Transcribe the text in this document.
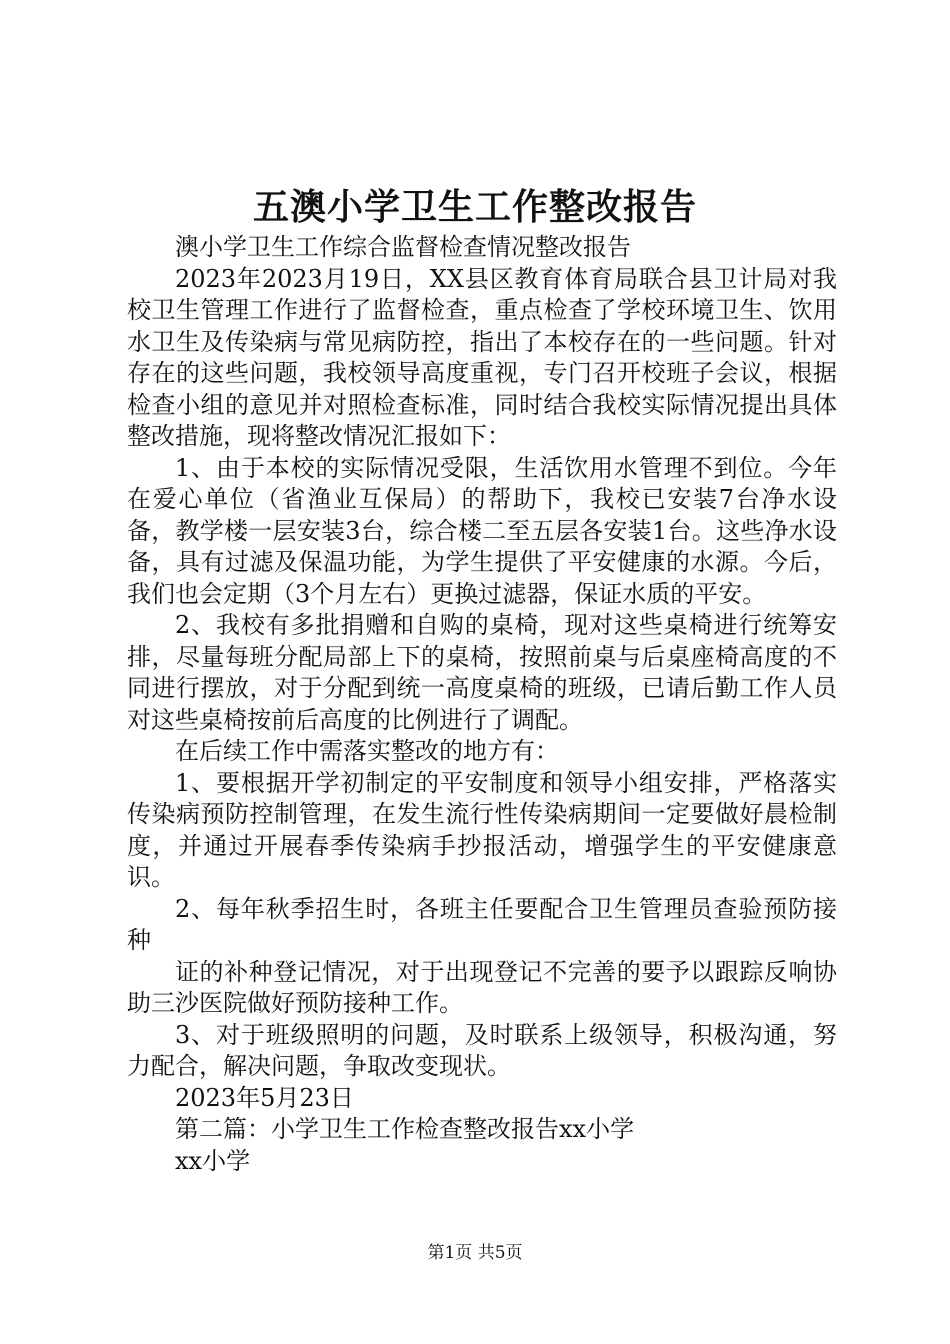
五澳小学卫生工作整改报告

澳小学卫生工作综合监督检查情况整改报告

2023年2023月19日，XX县区教育体育局联合县卫计局对我校卫生管理工作进行了监督检查，重点检查了学校环境卫生、饮用水卫生及传染病与常见病防控，指出了本校存在的一些问题。针对存在的这些问题，我校领导高度重视，专门召开校班子会议，根据检查小组的意见并对照检查标准，同时结合我校实际情况提出具体整改措施，现将整改情况汇报如下：

1、由于本校的实际情况受限，生活饮用水管理不到位。今年在爱心单位（省渔业互保局）的帮助下，我校已安装7台净水设备，教学楼一层安装3台，综合楼二至五层各安装1台。这些净水设备，具有过滤及保温功能，为学生提供了平安健康的水源。今后，我们也会定期（3个月左右）更换过滤器，保证水质的平安。

2、我校有多批捐赠和自购的桌椅，现对这些桌椅进行统筹安排，尽量每班分配局部上下的桌椅，按照前桌与后桌座椅高度的不同进行摆放，对于分配到统一高度桌椅的班级，已请后勤工作人员对这些桌椅按前后高度的比例进行了调配。

在后续工作中需落实整改的地方有：

1、要根据开学初制定的平安制度和领导小组安排，严格落实传染病预防控制管理，在发生流行性传染病期间一定要做好晨检制度，并通过开展春季传染病手抄报活动，增强学生的平安健康意识。

2、每年秋季招生时，各班主任要配合卫生管理员查验预防接种

证的补种登记情况，对于出现登记不完善的要予以跟踪反响协助三沙医院做好预防接种工作。

3、对于班级照明的问题，及时联系上级领导，积极沟通，努力配合，解决问题，争取改变现状。

2023年5月23日

第二篇：小学卫生工作检查整改报告xx小学

xx小学

第1页 共5页
